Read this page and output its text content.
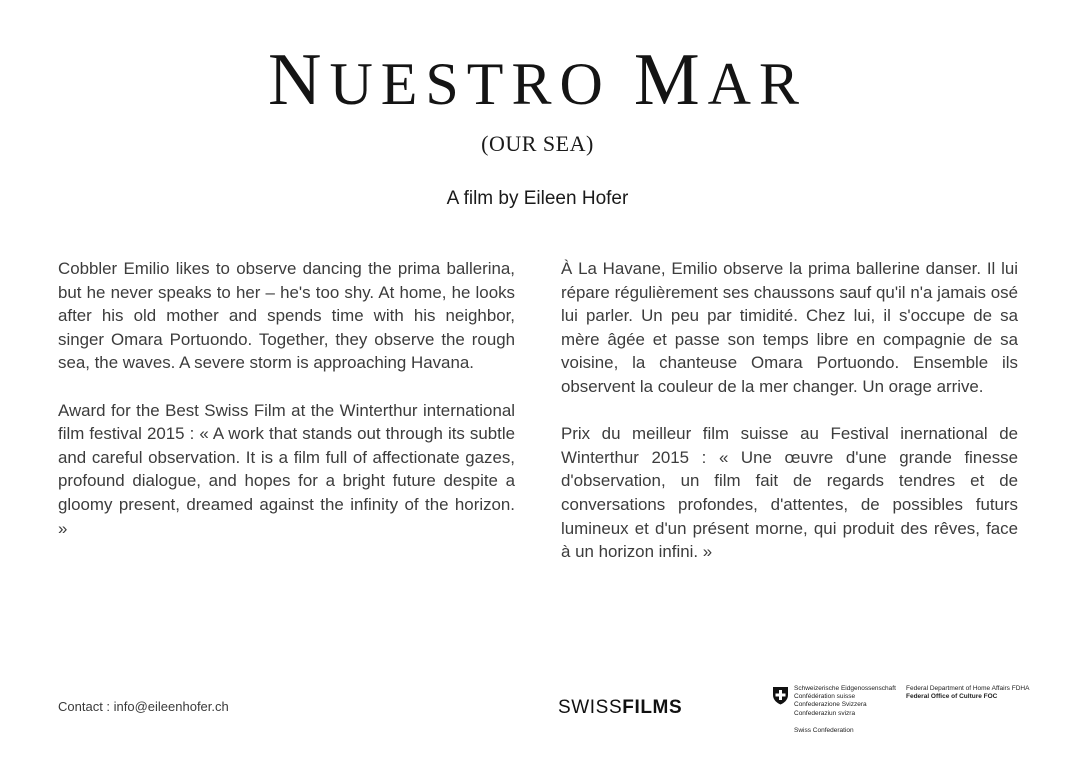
NUESTRO MAR
(OUR SEA)
A film by Eileen Hofer

Cobbler Emilio likes to observe dancing the prima ballerina, but he never speaks to her – he's too shy. At home, he looks after his old mother and spends time with his neighbor, singer Omara Portuondo. Together, they observe the rough sea, the waves. A severe storm is approaching Havana.

Award for the Best Swiss Film at the Winterthur international film festival 2015 : « A work that stands out through its subtle and careful observation. It is a film full of affectionate gazes, profound dialogue, and hopes for a bright future despite a gloomy present, dreamed against the infinity of the horizon. »

À La Havane, Emilio observe la prima ballerine danser. Il lui répare régulièrement ses chaussons sauf qu'il n'a jamais osé lui parler. Un peu par timidité. Chez lui, il s'occupe de sa mère âgée et passe son temps libre en compagnie de sa voisine, la chanteuse Omara Portuondo. Ensemble ils observent la couleur de la mer changer. Un orage arrive.

Prix du meilleur film suisse au Festival inernational de Winterthur 2015 : « Une œuvre d'une grande finesse d'observation, un film fait de regards tendres et de conversations profondes, d'attentes, de possibles futurs lumineux et d'un présent morne, qui produit des rêves, face à un horizon infini. »

Contact : info@eileenhofer.ch	SWISSFILMS
Schweizerische Eidgenossenschaft
Confédération suisse
Confederazione Svizzera
Confederaziun svizra
Swiss Confederation
Federal Department of Home Affairs FDHA
Federal Office of Culture FOC
